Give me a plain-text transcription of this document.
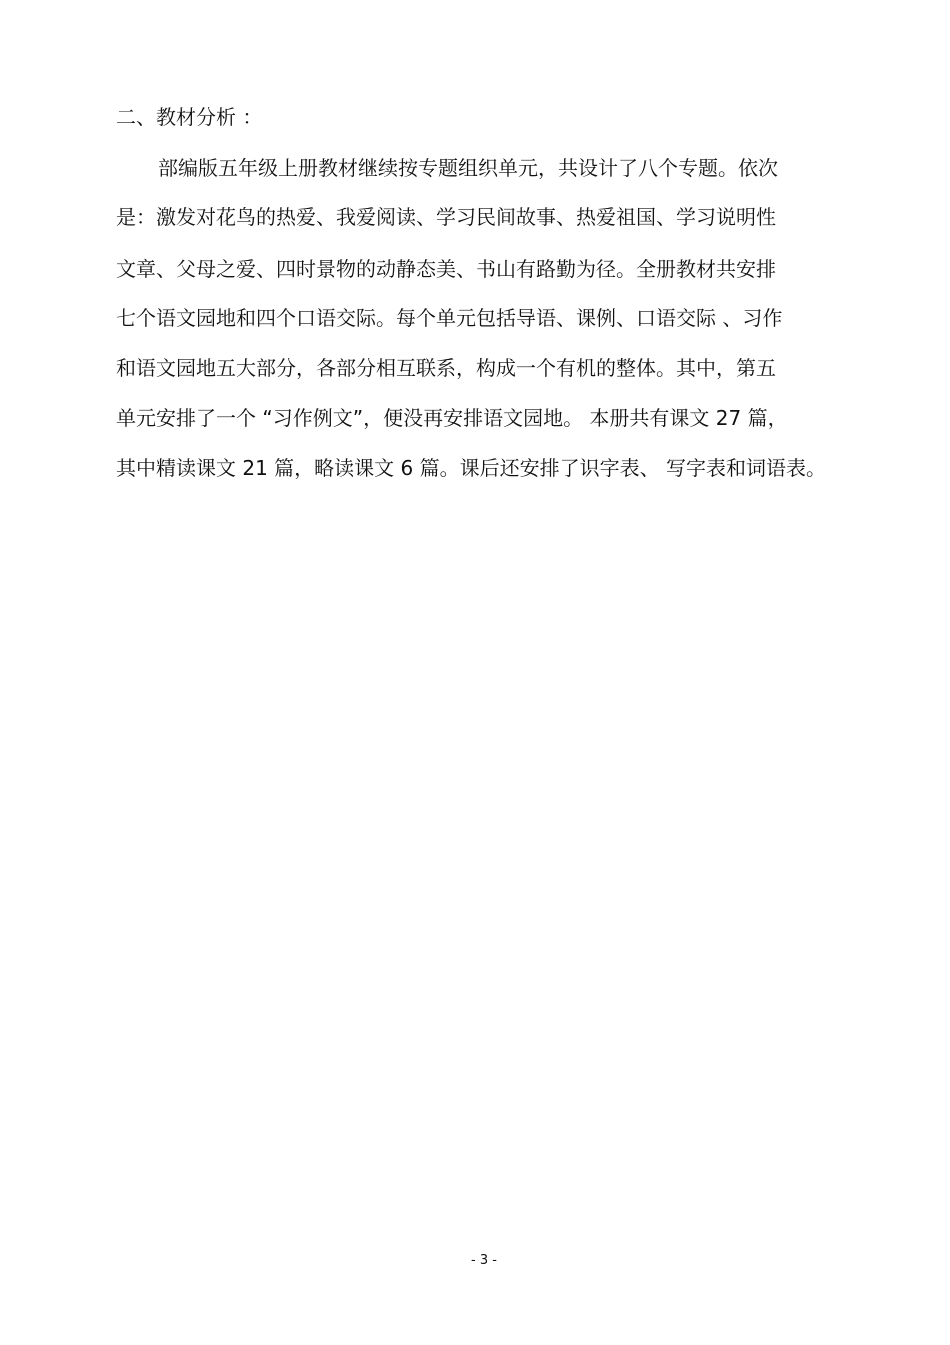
二、教材分析 ：
部编版五年级上册教材继续按专题组织单元，共设计了八个专题。依次
是：激发对花鸟的热爱、我爱阅读、学习民间故事、热爱祖国、学习说明性
文章、父母之爱、四时景物的动静态美、书山有路勤为径。全册教材共安排
七个语文园地和四个口语交际。每个单元包括导语、课例、口语交际 、习作
和语文园地五大部分，各部分相互联系，构成一个有机的整体。其中，第五
单元安排了一个 “习作例文”，便没再安排语文园地。 本册共有课文 27 篇，
其中精读课文 21 篇，略读课文 6 篇。课后还安排了识字表、 写字表和词语表。
- 3 -
